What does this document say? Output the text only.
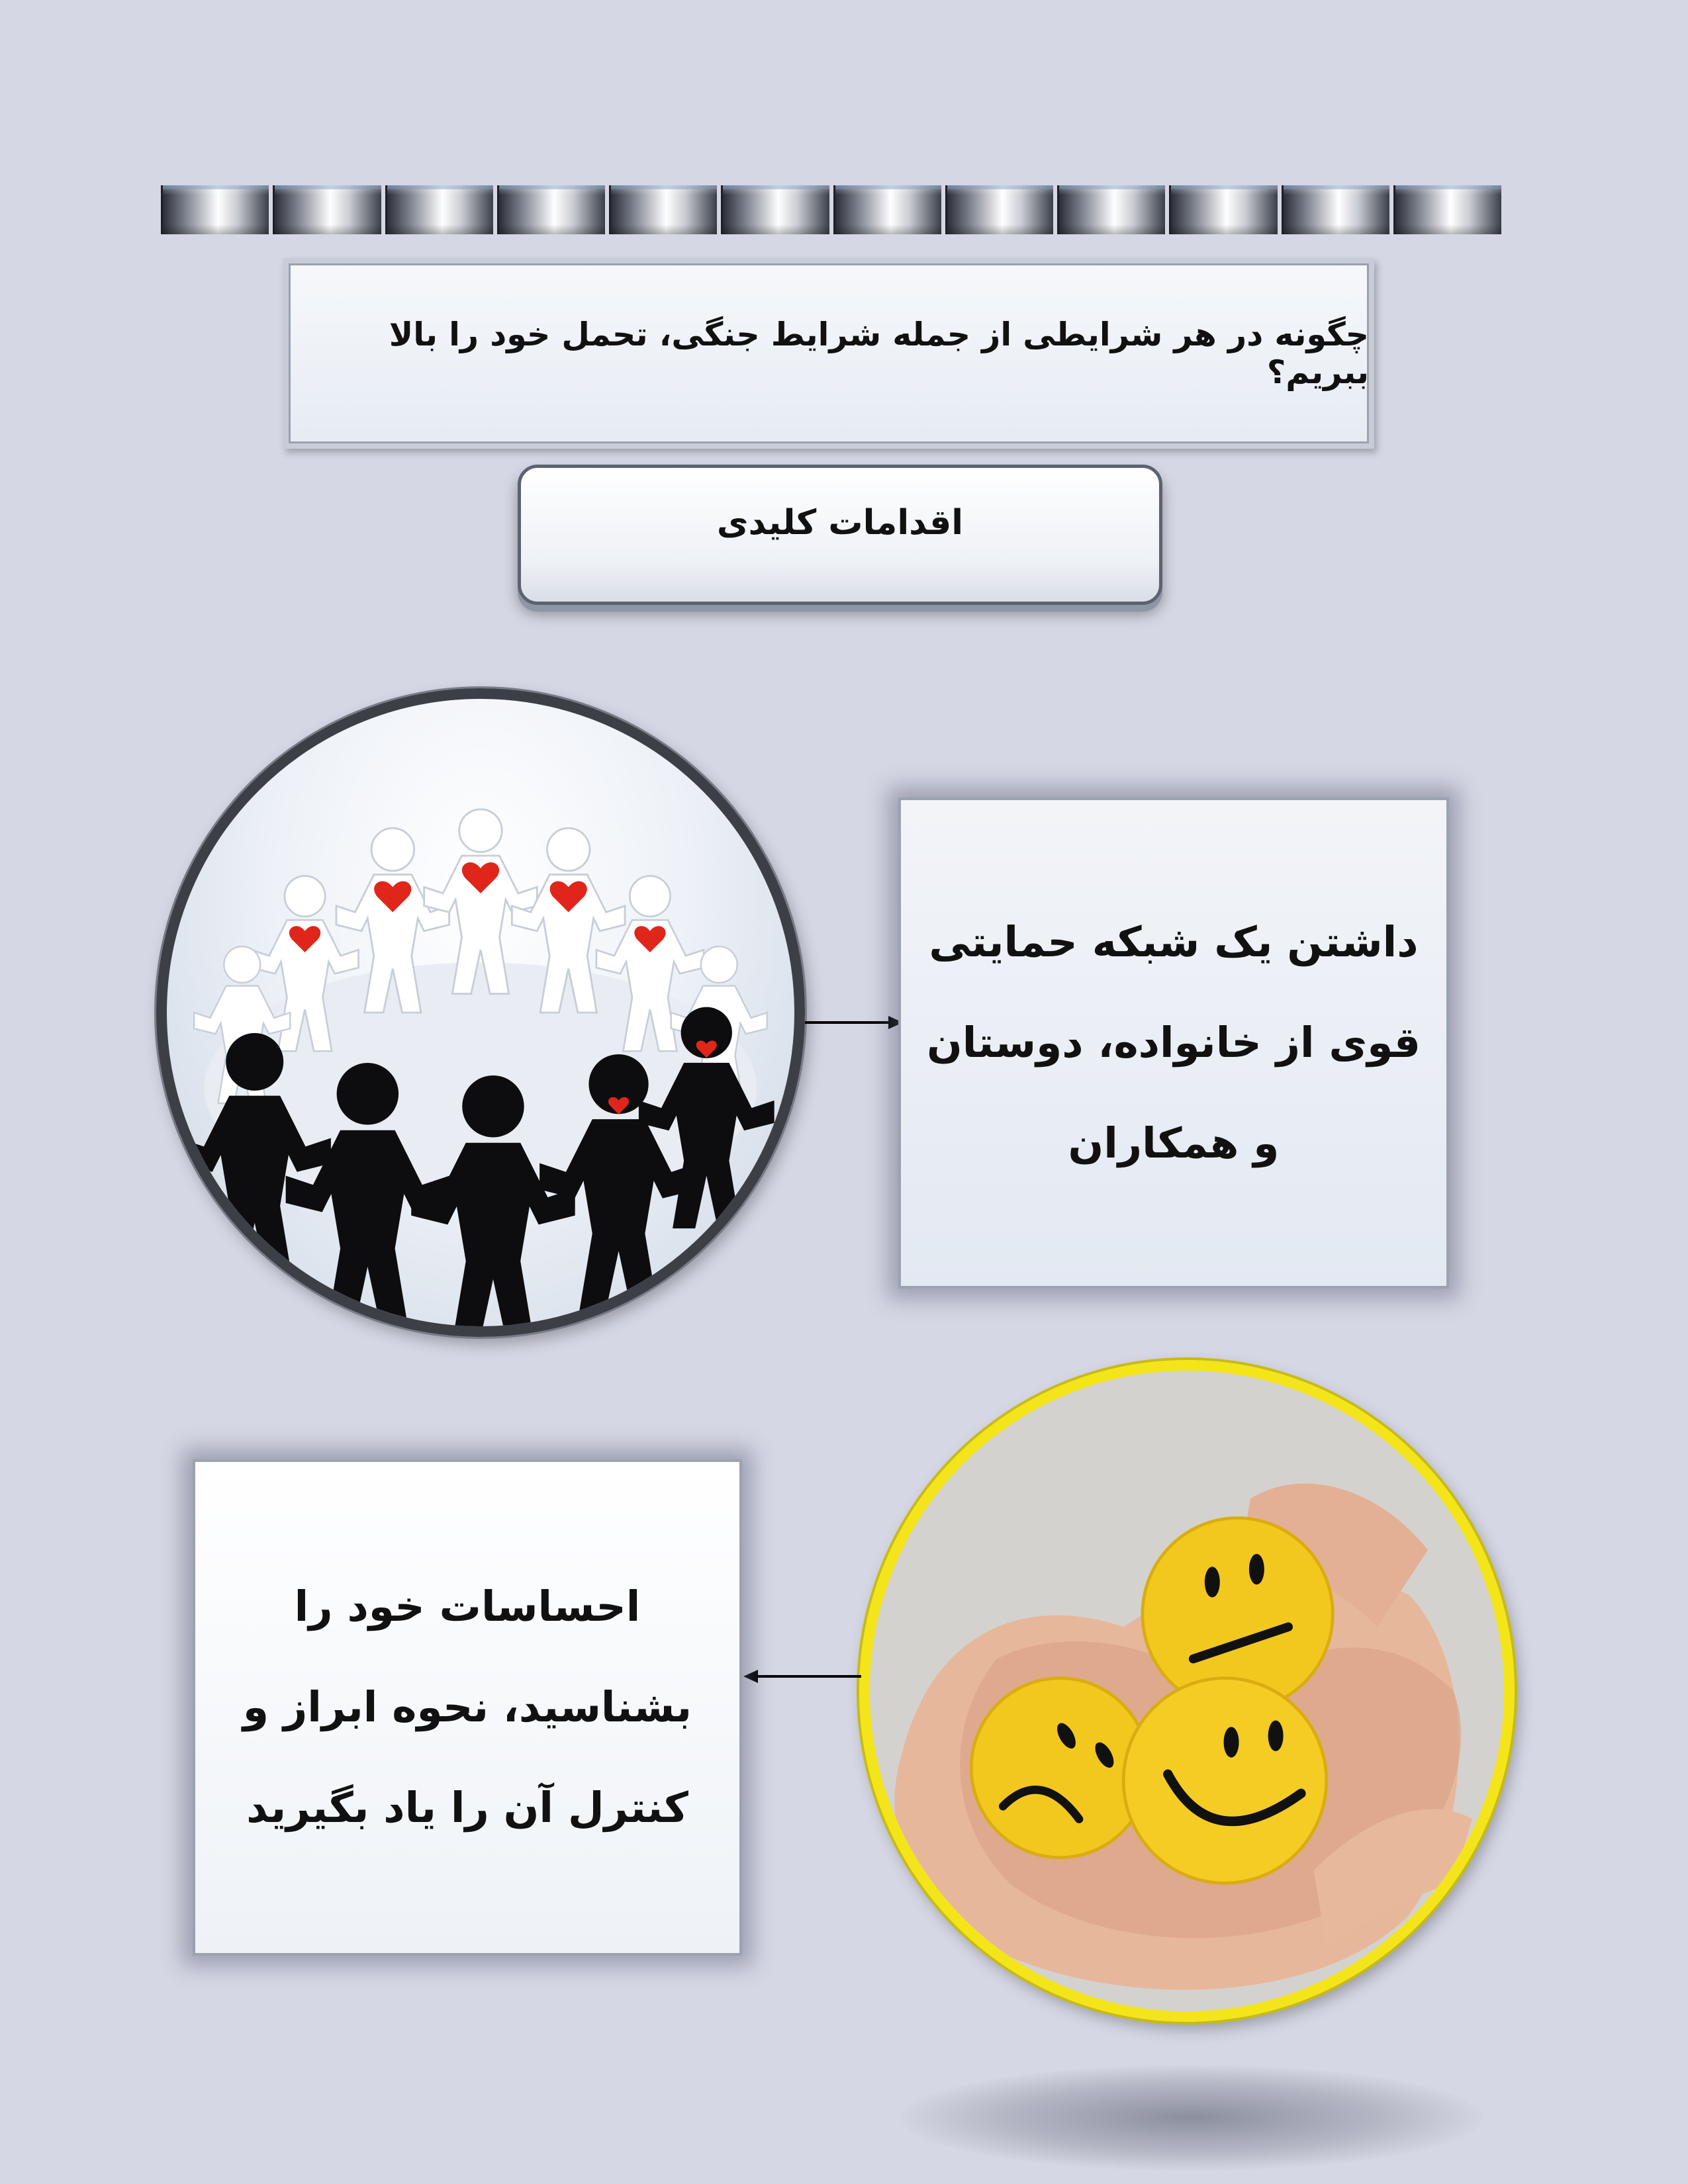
چگونه در هر شرایطی از جمله شرایط جنگی، تحمل خود را بالا ببریم؟
اقدامات کلیدی

داشتن یک شبکه حمایتی قوی از خانواده، دوستان و همکاران

احساسات خود را بشناسید، نحوه ابراز و کنترل آن را یاد بگیرید
